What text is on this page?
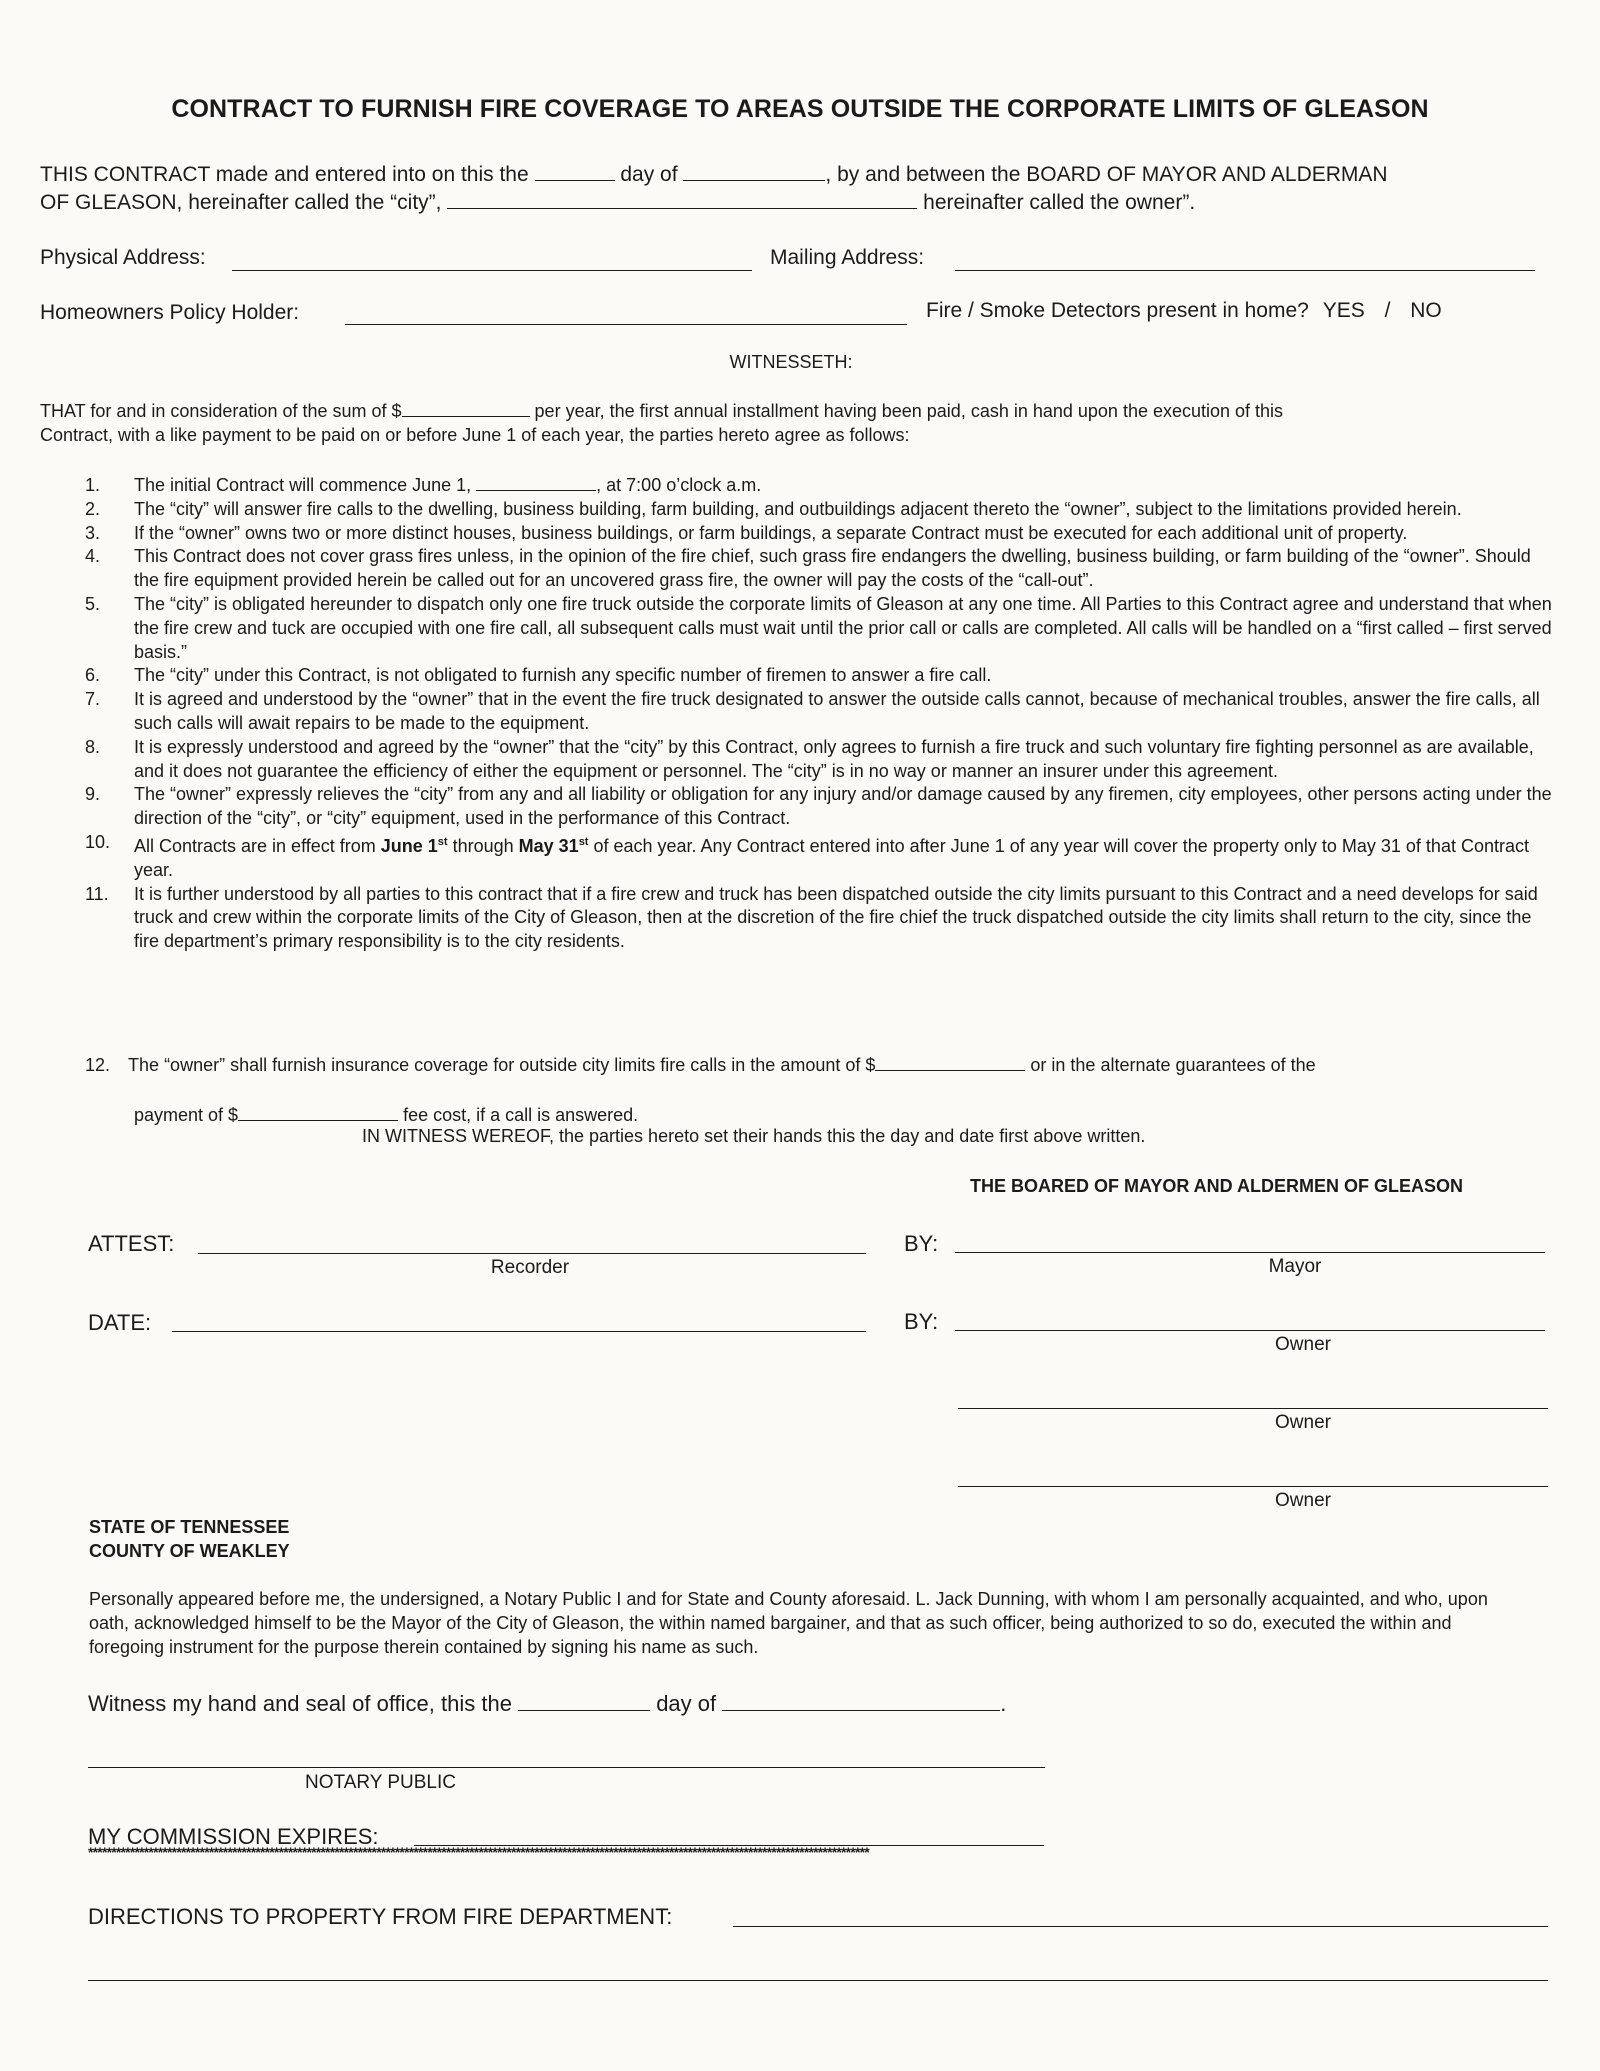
CONTRACT TO FURNISH FIRE COVERAGE TO AREAS OUTSIDE THE CORPORATE LIMITS OF GLEASON
THIS CONTRACT made and entered into on this the	day of	, by and between the BOARD OF MAYOR AND ALDERMAN
OF GLEASON, hereinafter called the “city”,	hereinafter called the owner”.
Physical Address:	Mailing Address:
Homeowners Policy Holder:	Fire / Smoke Detectors present in home? YES / NO
WITNESSETH:
THAT for and in consideration of the sum of $	per year, the first annual installment having been paid, cash in hand upon the execution of this
Contract, with a like payment to be paid on or before June 1 of each year, the parties hereto agree as follows:
1. The initial Contract will commence June 1,	, at 7:00 o’clock a.m.
2. The “city” will answer fire calls to the dwelling, business building, farm building, and outbuildings adjacent thereto the “owner”, subject to the limitations provided herein.
3. If the “owner” owns two or more distinct houses, business buildings, or farm buildings, a separate Contract must be executed for each additional unit of property.
4. This Contract does not cover grass fires unless, in the opinion of the fire chief, such grass fire endangers the dwelling, business building, or farm building of the “owner”. Should the fire equipment provided herein be called out for an uncovered grass fire, the owner will pay the costs of the “call-out”.
5. The “city” is obligated hereunder to dispatch only one fire truck outside the corporate limits of Gleason at any one time. All Parties to this Contract agree and understand that when the fire crew and tuck are occupied with one fire call, all subsequent calls must wait until the prior call or calls are completed. All calls will be handled on a “first called – first served basis.”
6. The “city” under this Contract, is not obligated to furnish any specific number of firemen to answer a fire call.
7. It is agreed and understood by the “owner” that in the event the fire truck designated to answer the outside calls cannot, because of mechanical troubles, answer the fire calls, all such calls will await repairs to be made to the equipment.
8. It is expressly understood and agreed by the “owner” that the “city” by this Contract, only agrees to furnish a fire truck and such voluntary fire fighting personnel as are available, and it does not guarantee the efficiency of either the equipment or personnel. The “city” is in no way or manner an insurer under this agreement.
9. The “owner” expressly relieves the “city” from any and all liability or obligation for any injury and/or damage caused by any firemen, city employees, other persons acting under the direction of the “city”, or “city” equipment, used in the performance of this Contract.
10. All Contracts are in effect from June 1st through May 31st of each year. Any Contract entered into after June 1 of any year will cover the property only to May 31 of that Contract year.
11. It is further understood by all parties to this contract that if a fire crew and truck has been dispatched outside the city limits pursuant to this Contract and a need develops for said truck and crew within the corporate limits of the City of Gleason, then at the discretion of the fire chief the truck dispatched outside the city limits shall return to the city, since the fire department’s primary responsibility is to the city residents.
12. The “owner” shall furnish insurance coverage for outside city limits fire calls in the amount of $	or in the alternate guarantees of the
payment of $	fee cost, if a call is answered.
IN WITNESS WEREOF, the parties hereto set their hands this the day and date first above written.
THE BOARED OF MAYOR AND ALDERMEN OF GLEASON
ATTEST:
Recorder
BY:
Mayor
DATE:	BY:
Owner
Owner
Owner
STATE OF TENNESSEE
COUNTY OF WEAKLEY
Personally appeared before me, the undersigned, a Notary Public I and for State and County aforesaid. L. Jack Dunning, with whom I am personally acquainted, and who, upon oath, acknowledged himself to be the Mayor of the City of Gleason, the within named bargainer, and that as such officer, being authorized to so do, executed the within and foregoing instrument for the purpose therein contained by signing his name as such.
Witness my hand and seal of office, this the	day of	.
NOTARY PUBLIC
MY COMMISSION EXPIRES:
************************************************************************************************************************************************************************
DIRECTIONS TO PROPERTY FROM FIRE DEPARTMENT:
